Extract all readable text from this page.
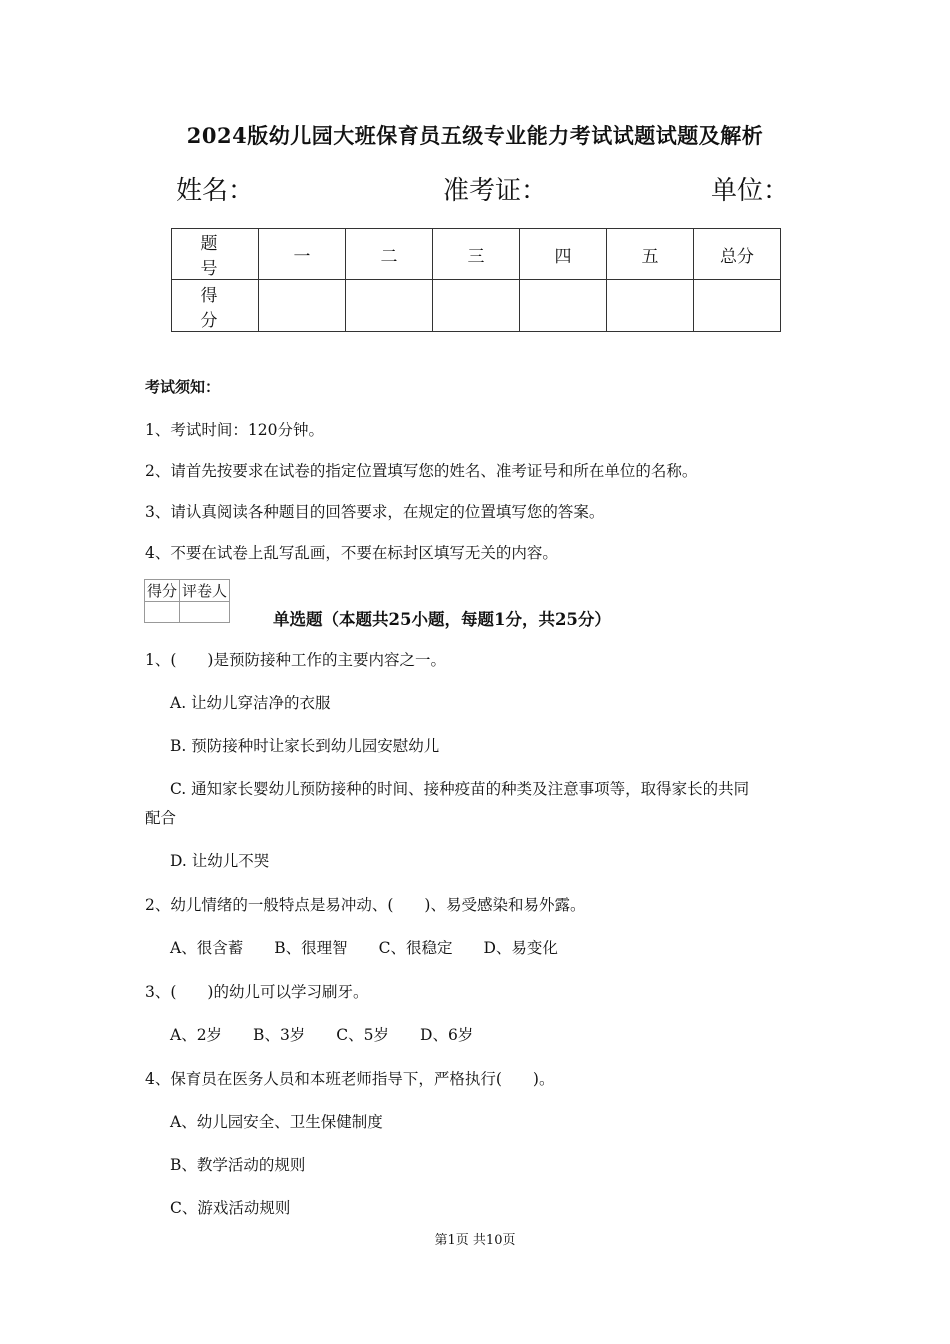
2024版幼儿园大班保育员五级专业能力考试试题试题及解析
姓名：	准考证：	单位：
题　号	一	二	三	四	五	总分
得　分						
考试须知：
1、考试时间：120分钟。
2、请首先按要求在试卷的指定位置填写您的姓名、准考证号和所在单位的名称。
3、请认真阅读各种题目的回答要求，在规定的位置填写您的答案。
4、不要在试卷上乱写乱画，不要在标封区填写无关的内容。
得分	评卷人

单选题（本题共25小题，每题1分，共25分）
1、(　　)是预防接种工作的主要内容之一。
A. 让幼儿穿洁净的衣服
B. 预防接种时让家长到幼儿园安慰幼儿
C. 通知家长婴幼儿预防接种的时间、接种疫苗的种类及注意事项等，取得家长的共同
配合
D. 让幼儿不哭
2、幼儿情绪的一般特点是易冲动、(　　)、易受感染和易外露。
A、很含蓄　　B、很理智　　C、很稳定　　D、易变化
3、(　　)的幼儿可以学习刷牙。
A、2岁　　B、3岁　　C、5岁　　D、6岁
4、保育员在医务人员和本班老师指导下，严格执行(　　)。
A、幼儿园安全、卫生保健制度
B、教学活动的规则
C、游戏活动规则
第1页 共10页
